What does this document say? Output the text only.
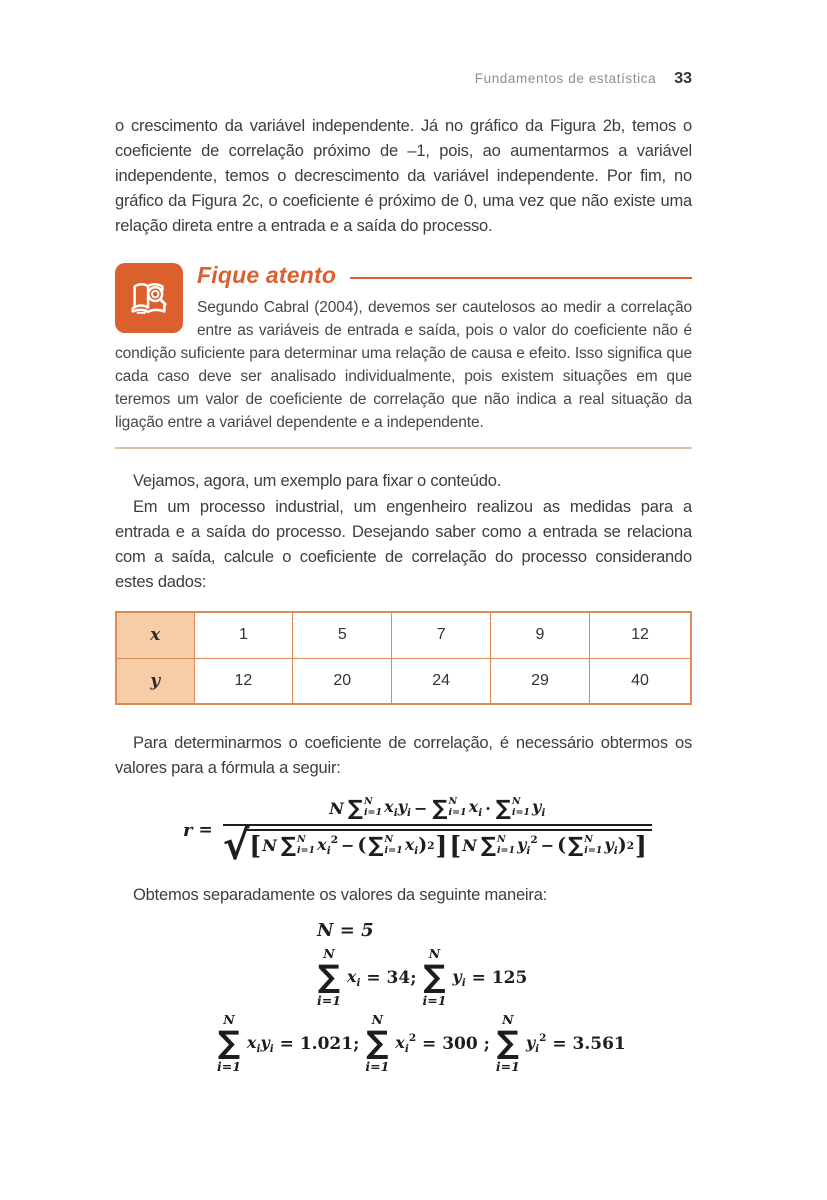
Fundamentos de estatística 33

o crescimento da variável independente. Já no gráfico da Figura 2b, temos o coeficiente de correlação próximo de –1, pois, ao aumentarmos a variável independente, temos o decrescimento da variável independente. Por fim, no gráfico da Figura 2c, o coeficiente é próximo de 0, uma vez que não existe uma relação direta entre a entrada e a saída do processo.

Fique atento

Segundo Cabral (2004), devemos ser cautelosos ao medir a correlação entre as variáveis de entrada e saída, pois o valor do coeficiente não é condição suficiente para determinar uma relação de causa e efeito. Isso significa que cada caso deve ser analisado individualmente, pois existem situações em que teremos um valor de coeficiente de correlação que não indica a real situação da ligação entre a variável dependente e a independente.

Vejamos, agora, um exemplo para fixar o conteúdo.

Em um processo industrial, um engenheiro realizou as medidas para a entrada e a saída do processo. Desejando saber como a entrada se relaciona com a saída, calcule o coeficiente de correlação do processo considerando estes dados:

x	1	5	7	9	12
y	12	20	24	29	40

Para determinarmos o coeficiente de correlação, é necessário obtermos os valores para a fórmula a seguir:

r =
N ∑ N
i=1 $x_iy_i$ − ∑ N
i=1 $x_i$ · ∑ N
i=1 $y_i$
√ [ N ∑ N
i=1 $x_i^2$ − ( ∑ N
i=1 $x_i$ ) 2 ] [ N ∑ N
i=1 $y_i^2$ − ( ∑ N
i=1 $y_i$ ) 2 ]

Obtemos separadamente os valores da seguinte maneira:

N = 5
N
∑
i=1
$x_i = 34$;
N
∑
i=1
$y_i = 125$
N
∑
i=1
$x_iy_i = 1.021$;
N
∑
i=1
$x_i^2 = 300$ ;
N
∑
i=1
$y_i^2 = 3.561$
